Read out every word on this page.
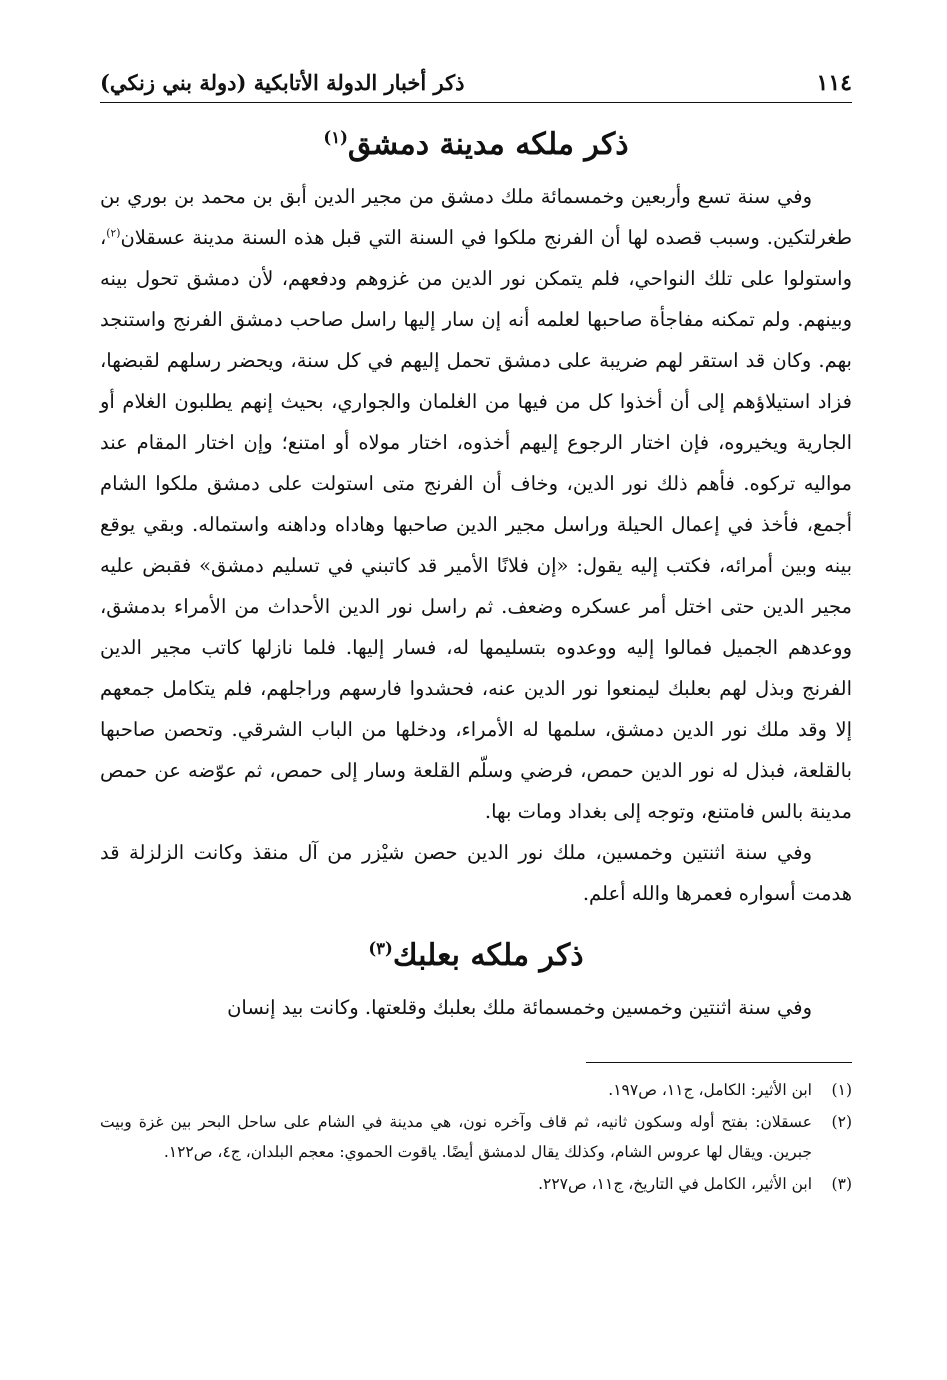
١١٤
ذكر أخبار الدولة الأتابكية (دولة بني زنكي)
ذكر ملكه مدينة دمشق$^{(١)}$

وفي سنة تسع وأربعين وخمسمائة ملك دمشق من مجير الدين أبق بن محمد بن بوري بن طغرلتكين. وسبب قصده لها أن الفرنج ملكوا في السنة التي قبل هذه السنة مدينة عسقلان$^{(٢)}$، واستولوا على تلك النواحي، فلم يتمكن نور الدين من غزوهم ودفعهم، لأن دمشق تحول بينه وبينهم. ولم تمكنه مفاجأة صاحبها لعلمه أنه إن سار إليها راسل صاحب دمشق الفرنج واستنجد بهم. وكان قد استقر لهم ضريبة على دمشق تحمل إليهم في كل سنة، ويحضر رسلهم لقبضها، فزاد استيلاؤهم إلى أن أخذوا كل من فيها من الغلمان والجواري، بحيث إنهم يطلبون الغلام أو الجارية ويخيروه، فإن اختار الرجوع إليهم أخذوه، اختار مولاه أو امتنع؛ وإن اختار المقام عند مواليه تركوه. فأهم ذلك نور الدين، وخاف أن الفرنج متى استولت على دمشق ملكوا الشام أجمع، فأخذ في إعمال الحيلة وراسل مجير الدين صاحبها وهاداه وداهنه واستماله. وبقي يوقع بينه وبين أمرائه، فكتب إليه يقول: «إن فلانًا الأمير قد كاتبني في تسليم دمشق» فقبض عليه مجير الدين حتى اختل أمر عسكره وضعف. ثم راسل نور الدين الأحداث من الأمراء بدمشق، ووعدهم الجميل فمالوا إليه ووعدوه بتسليمها له، فسار إليها. فلما نازلها كاتب مجير الدين الفرنج وبذل لهم بعلبك ليمنعوا نور الدين عنه، فحشدوا فارسهم وراجلهم، فلم يتكامل جمعهم إلا وقد ملك نور الدين دمشق، سلمها له الأمراء، ودخلها من الباب الشرقي. وتحصن صاحبها بالقلعة، فبذل له نور الدين حمص، فرضي وسلّم القلعة وسار إلى حمص، ثم عوّضه عن حمص مدينة بالس فامتنع، وتوجه إلى بغداد ومات بها.

وفي سنة اثنتين وخمسين، ملك نور الدين حصن شيْزر من آل منقذ وكانت الزلزلة قد هدمت أسواره فعمرها والله أعلم.

ذكر ملكه بعلبك$^{(٣)}$

وفي سنة اثنتين وخمسين وخمسمائة ملك بعلبك وقلعتها. وكانت بيد إنسان

(١)
ابن الأثير: الكامل، ج١١، ص١٩٧.
(٢)
عسقلان: بفتح أوله وسكون ثانيه، ثم قاف وآخره نون، هي مدينة في الشام على ساحل البحر بين غزة وبيت جبرين. ويقال لها عروس الشام، وكذلك يقال لدمشق أيضًا. ياقوت الحموي: معجم البلدان، ج٤، ص١٢٢.
(٣)
ابن الأثير، الكامل في التاريخ، ج١١، ص٢٢٧.
